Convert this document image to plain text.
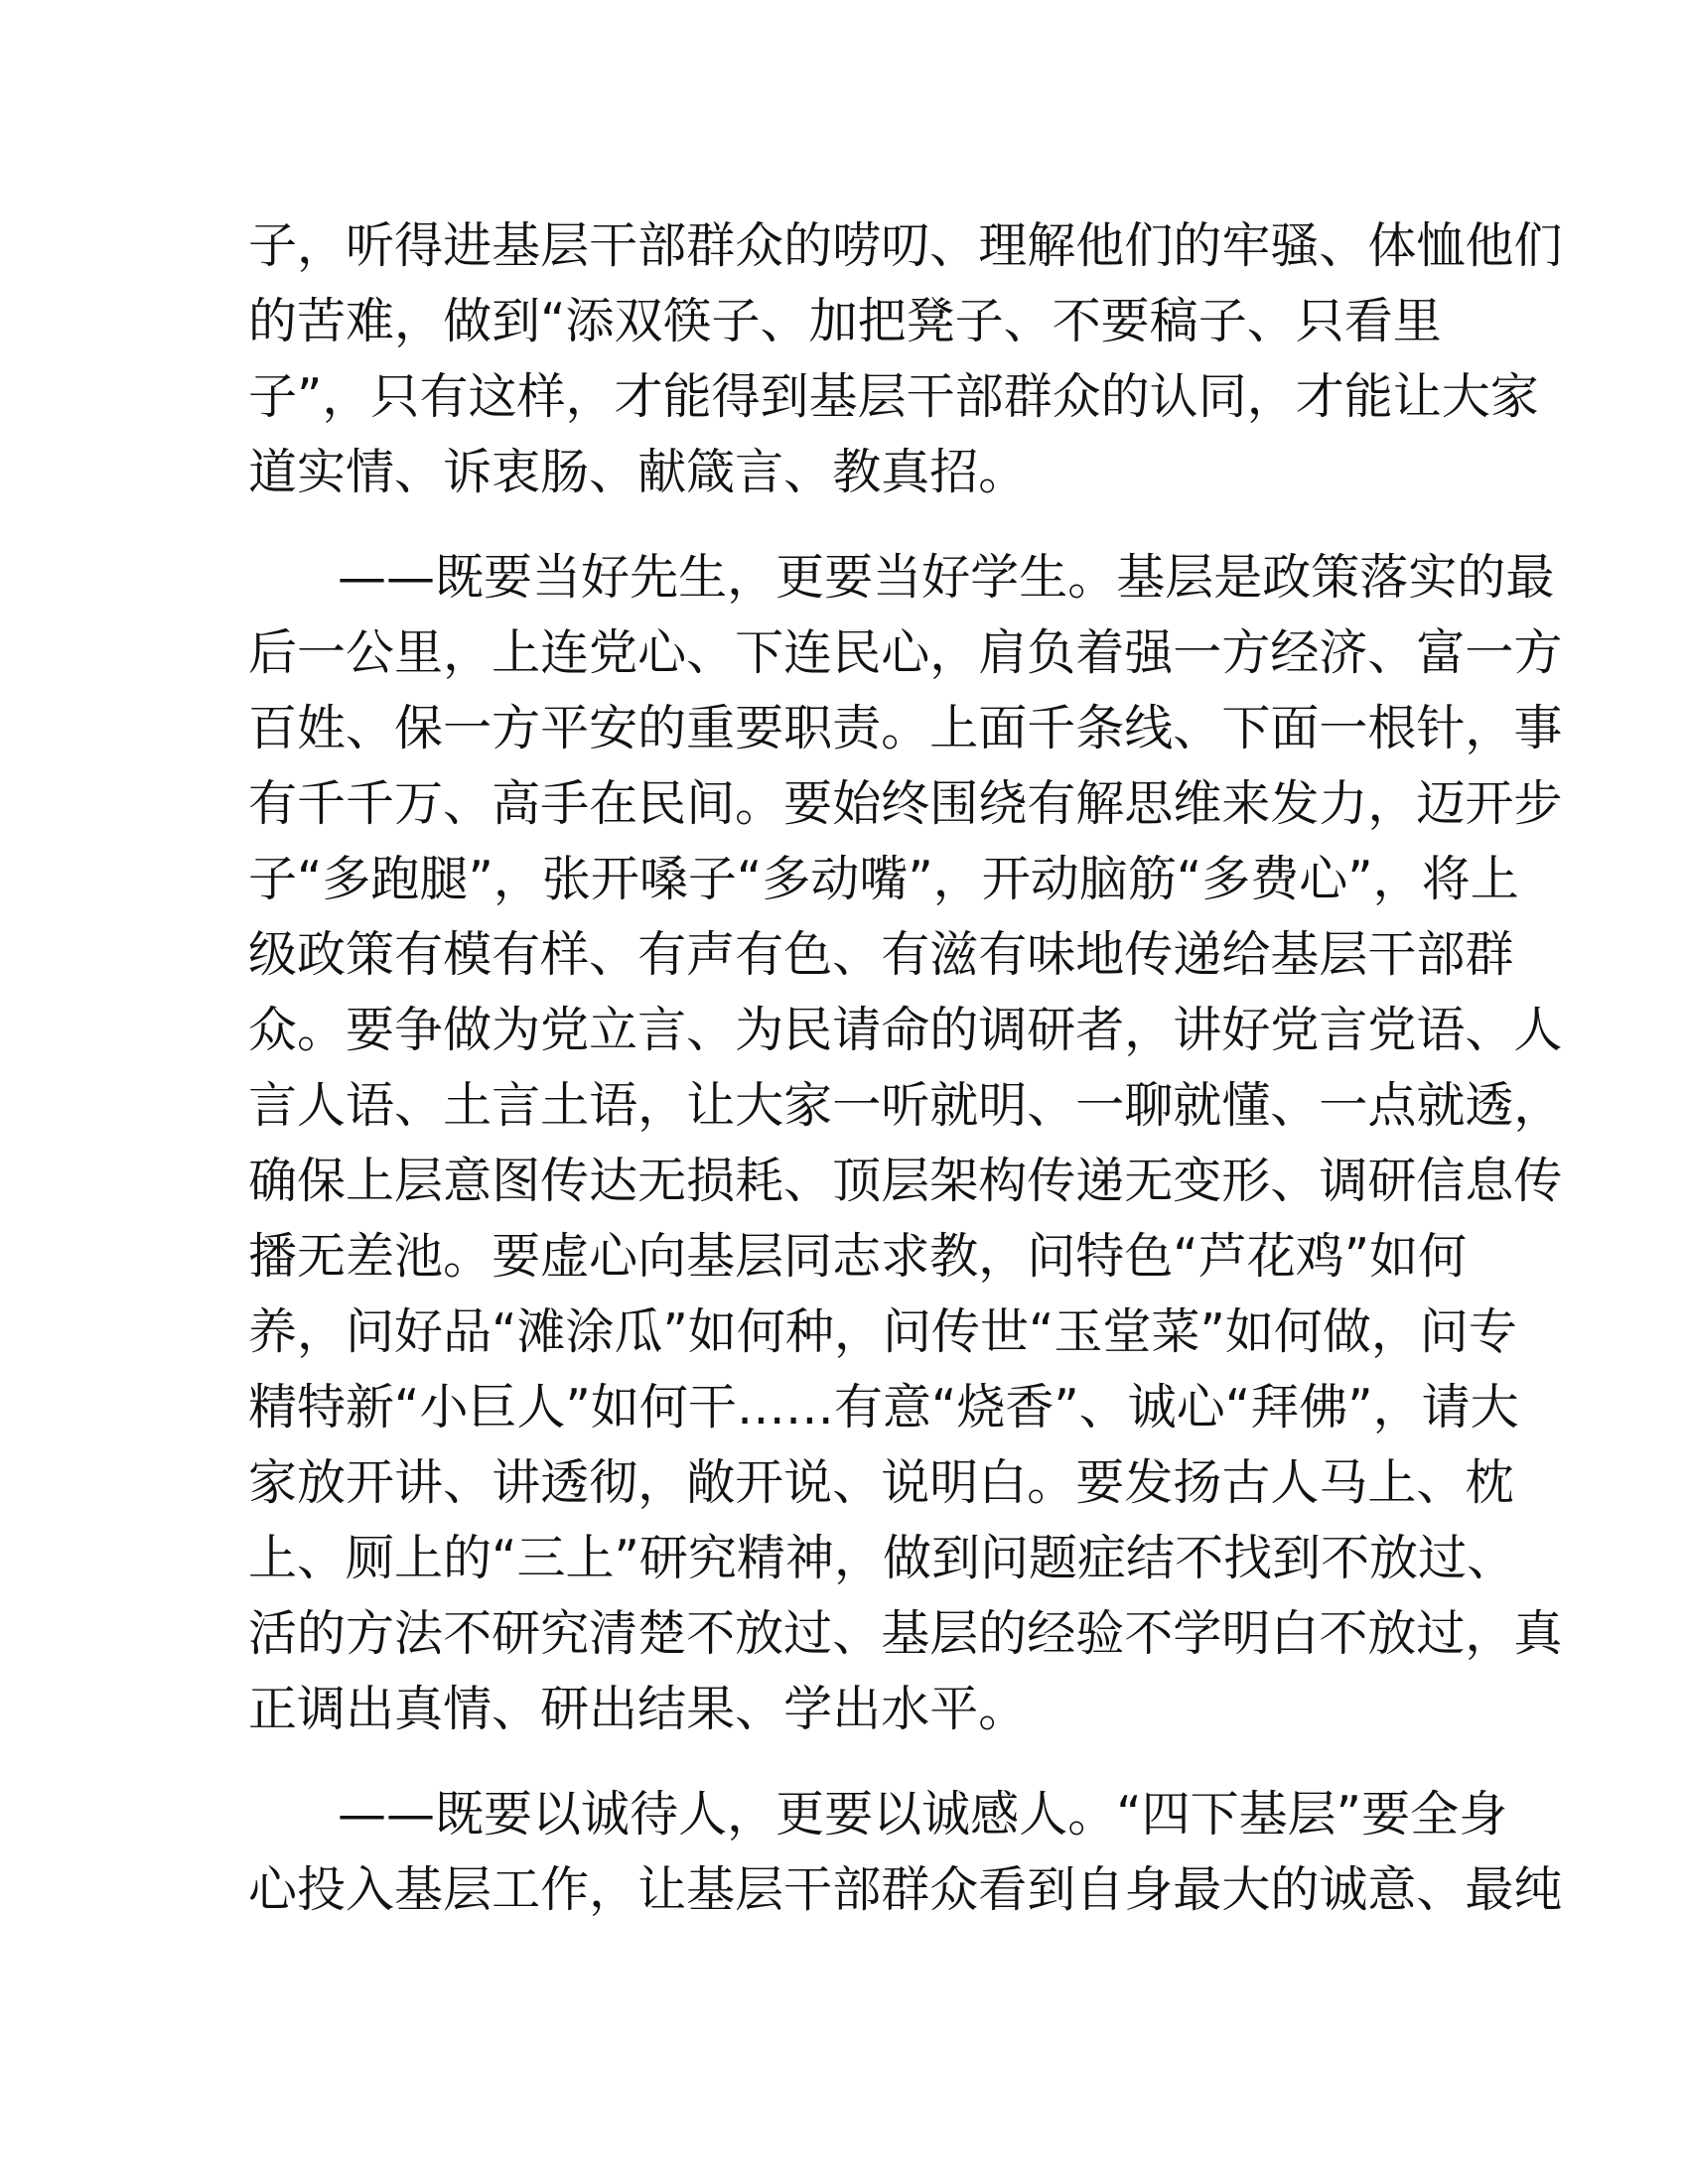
子 ， 听 得 进 基 层 干 部 群 众 的 唠 叨 、 理 解 他 们 的 牢 骚 、 体 恤 他 们
的 苦 难 ， 做 到 “ 添 双 筷 子 、 加 把 凳 子 、 不 要 稿 子 、 只 看 里
子 ” ， 只 有 这 样 ， 才 能 得 到 基 层 干 部 群 众 的 认 同 ， 才 能 让 大 家
道 实 情 、 诉 衷 肠 、 献 箴 言 、 教 真 招 。
— — 既 要 当 好 先 生 ， 更 要 当 好 学 生 。 基 层 是 政 策 落 实 的 最
后 一 公 里 ， 上 连 党 心 、 下 连 民 心 ， 肩 负 着 强 一 方 经 济 、 富 一 方
百 姓 、 保 一 方 平 安 的 重 要 职 责 。 上 面 千 条 线 、 下 面 一 根 针 ， 事
有 千 千 万 、 高 手 在 民 间 。 要 始 终 围 绕 有 解 思 维 来 发 力 ， 迈 开 步
子 “ 多 跑 腿 ” ， 张 开 嗓 子 “ 多 动 嘴 ” ， 开 动 脑 筋 “ 多 费 心 ” ， 将 上
级 政 策 有 模 有 样 、 有 声 有 色 、 有 滋 有 味 地 传 递 给 基 层 干 部 群
众 。 要 争 做 为 党 立 言 、 为 民 请 命 的 调 研 者 ， 讲 好 党 言 党 语 、 人
言 人 语 、 土 言 土 语 ， 让 大 家 一 听 就 明 、 一 聊 就 懂 、 一 点 就 透 ，
确 保 上 层 意 图 传 达 无 损 耗 、 顶 层 架 构 传 递 无 变 形 、 调 研 信 息 传
播 无 差 池 。 要 虚 心 向 基 层 同 志 求 教 ， 问 特 色 “ 芦 花 鸡 ” 如 何
养 ， 问 好 品 “ 滩 涂 瓜 ” 如 何 种 ， 问 传 世 “ 玉 堂 菜 ” 如 何 做 ， 问 专
精 特 新 “ 小 巨 人 ” 如 何 干 … … 有 意 “ 烧 香 ” 、 诚 心 “ 拜 佛 ” ， 请 大
家 放 开 讲 、 讲 透 彻 ， 敞 开 说 、 说 明 白 。 要 发 扬 古 人 马 上 、 枕
上 、 厕 上 的 “ 三 上 ” 研 究 精 神 ， 做 到 问 题 症 结 不 找 到 不 放 过 、
活 的 方 法 不 研 究 清 楚 不 放 过 、 基 层 的 经 验 不 学 明 白 不 放 过 ， 真
正 调 出 真 情 、 研 出 结 果 、 学 出 水 平 。
— — 既 要 以 诚 待 人 ， 更 要 以 诚 感 人 。 “ 四 下 基 层 ” 要 全 身
心 投 入 基 层 工 作 ， 让 基 层 干 部 群 众 看 到 自 身 最 大 的 诚 意 、 最 纯
